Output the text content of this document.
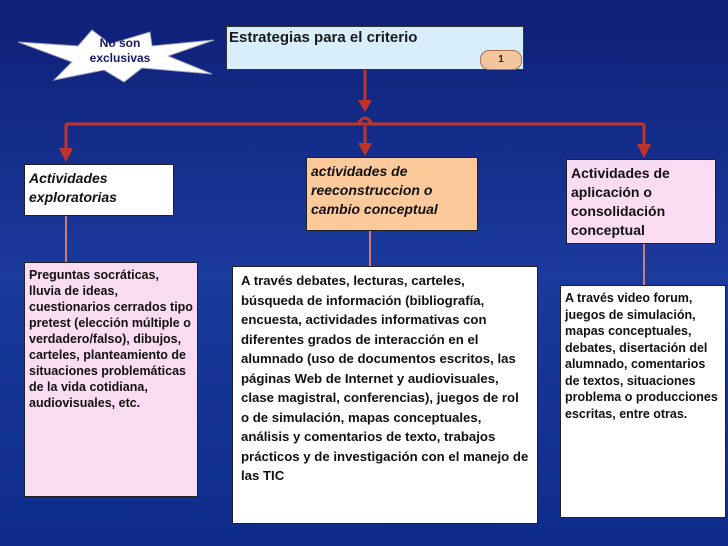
No son exclusivas
Estrategias para el criterio
1
Actividades exploratorias
actividades de reeconstruccion o cambio conceptual
Actividades de aplicación o consolidación conceptual
Preguntas socráticas, lluvia de ideas, cuestionarios cerrados tipo pretest (elección múltiple o verdadero/falso), dibujos, carteles, planteamiento de situaciones problemáticas de la vida cotidiana, audiovisuales, etc.
A través debates, lecturas, carteles, búsqueda de información (bibliografía, encuesta, actividades informativas con diferentes grados de interacción en el alumnado (uso de documentos escritos, las páginas Web de Internet y audiovisuales, clase magistral, conferencias), juegos de rol o de simulación, mapas conceptuales, análisis y comentarios de texto, trabajos prácticos y de investigación con el manejo de las TIC
A través video forum, juegos de simulación, mapas conceptuales, debates, disertación del alumnado, comentarios de textos, situaciones problema o producciones escritas, entre otras.
